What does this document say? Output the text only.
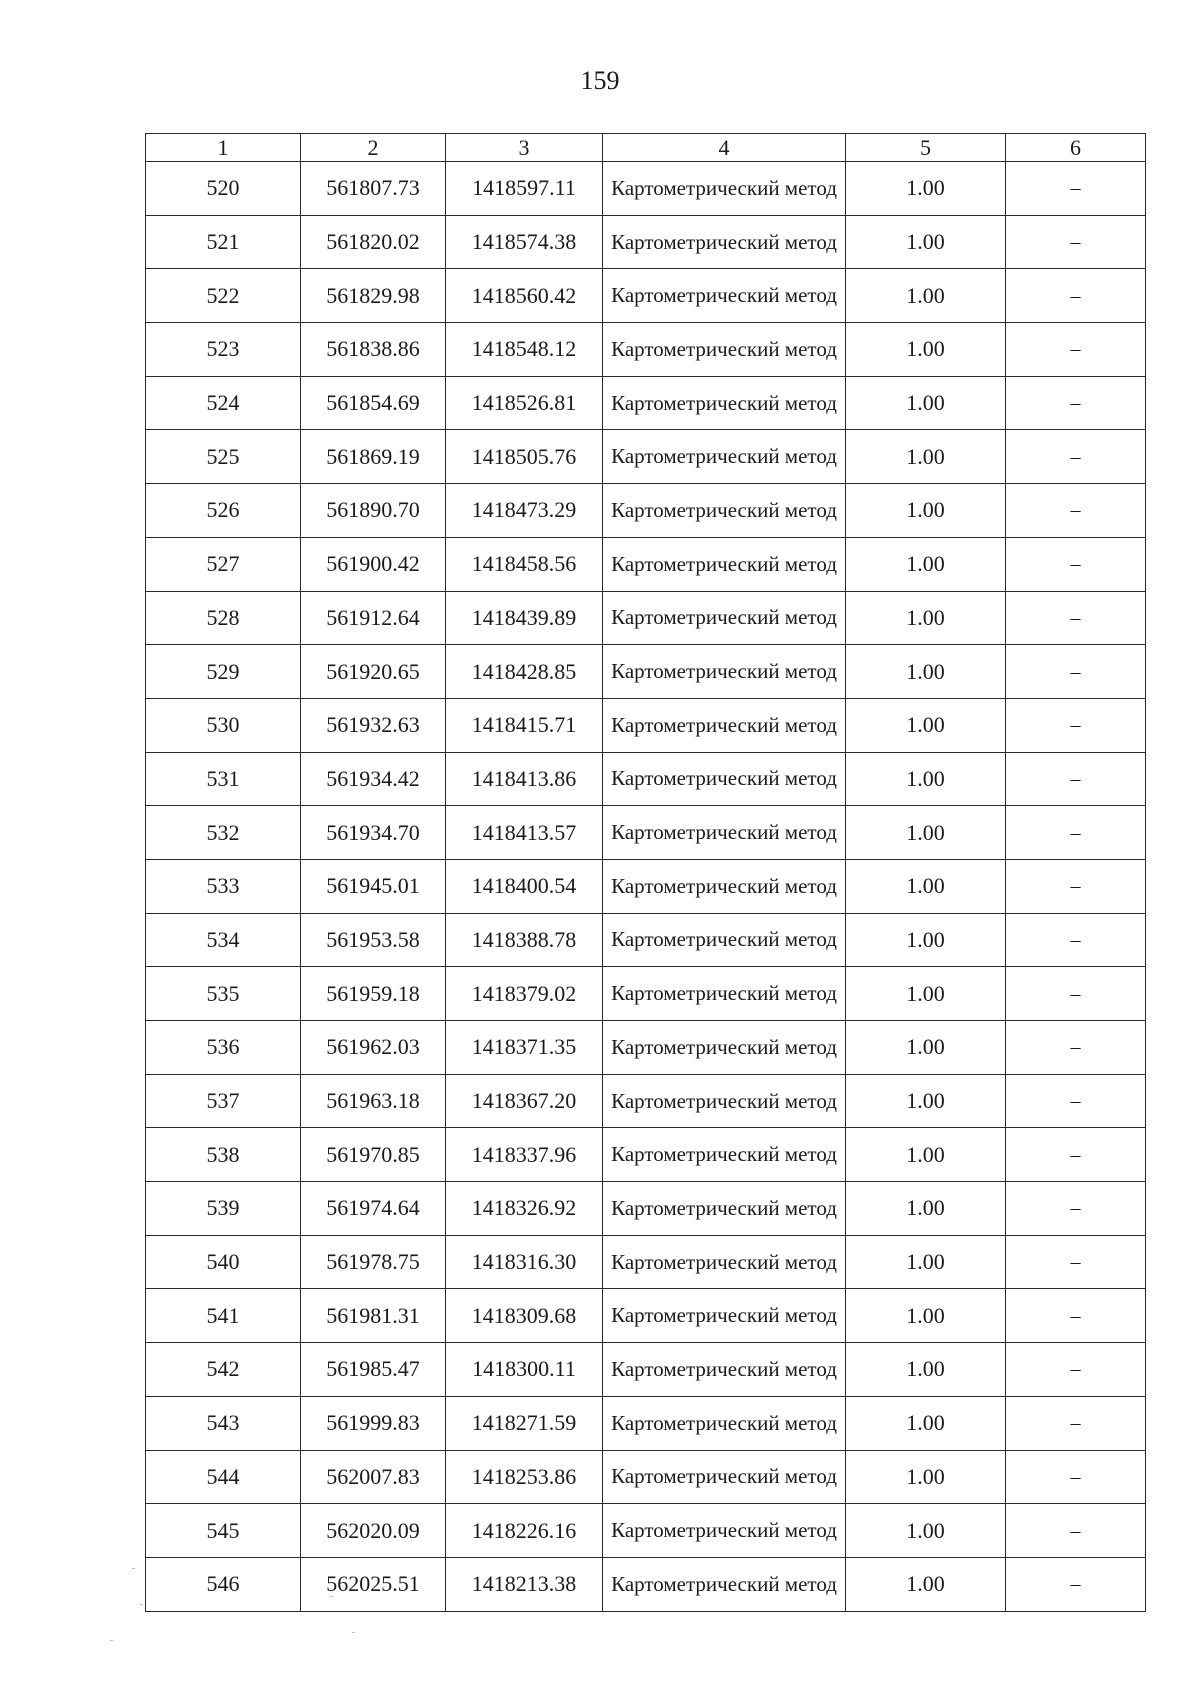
159
1	2	3	4	5	6
520	561807.73	1418597.11	Картометрический метод	1.00	–
521	561820.02	1418574.38	Картометрический метод	1.00	–
522	561829.98	1418560.42	Картометрический метод	1.00	–
523	561838.86	1418548.12	Картометрический метод	1.00	–
524	561854.69	1418526.81	Картометрический метод	1.00	–
525	561869.19	1418505.76	Картометрический метод	1.00	–
526	561890.70	1418473.29	Картометрический метод	1.00	–
527	561900.42	1418458.56	Картометрический метод	1.00	–
528	561912.64	1418439.89	Картометрический метод	1.00	–
529	561920.65	1418428.85	Картометрический метод	1.00	–
530	561932.63	1418415.71	Картометрический метод	1.00	–
531	561934.42	1418413.86	Картометрический метод	1.00	–
532	561934.70	1418413.57	Картометрический метод	1.00	–
533	561945.01	1418400.54	Картометрический метод	1.00	–
534	561953.58	1418388.78	Картометрический метод	1.00	–
535	561959.18	1418379.02	Картометрический метод	1.00	–
536	561962.03	1418371.35	Картометрический метод	1.00	–
537	561963.18	1418367.20	Картометрический метод	1.00	–
538	561970.85	1418337.96	Картометрический метод	1.00	–
539	561974.64	1418326.92	Картометрический метод	1.00	–
540	561978.75	1418316.30	Картометрический метод	1.00	–
541	561981.31	1418309.68	Картометрический метод	1.00	–
542	561985.47	1418300.11	Картометрический метод	1.00	–
543	561999.83	1418271.59	Картометрический метод	1.00	–
544	562007.83	1418253.86	Картометрический метод	1.00	–
545	562020.09	1418226.16	Картометрический метод	1.00	–
546	562025.51	1418213.38	Картометрический метод	1.00	–
